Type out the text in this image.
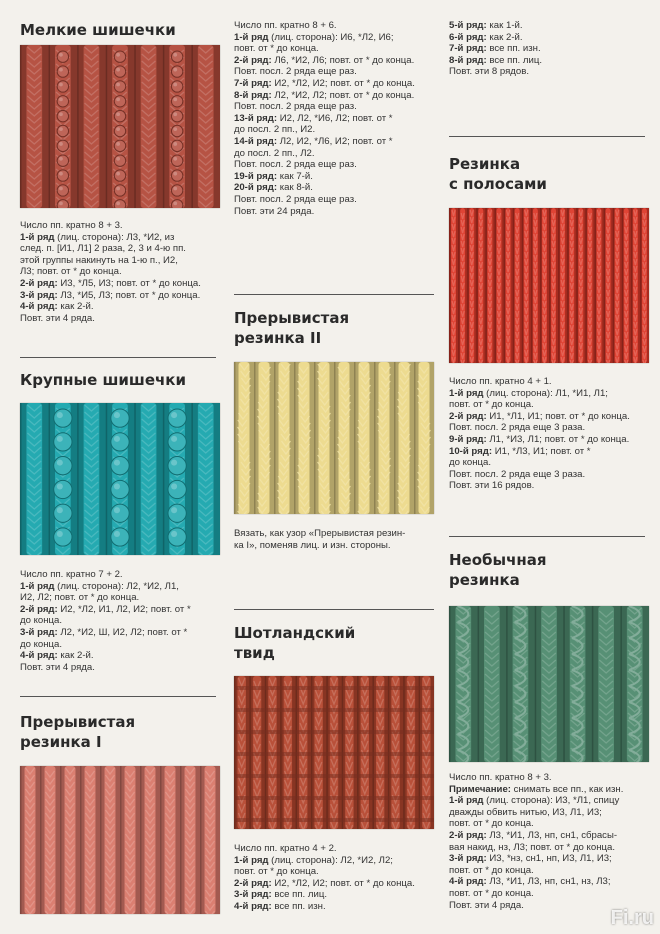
Мелкие шишечки

Число пп. кратно 8 + 3.

1-й ряд (лиц. сторона): Л3, *И2, из

след. п. [И1, Л1] 2 раза, 2, 3 и 4-ю пп.

этой группы накинуть на 1-ю п., И2,

Л3; повт. от * до конца.

2-й ряд: И3, *Л5, И3; повт. от * до конца.

3-й ряд: Л3, *И5, Л3; повт. от * до конца.

4-й ряд: как 2-й.

Повт. эти 4 ряда.

Крупные шишечки

Число пп. кратно 7 + 2.

1-й ряд (лиц. сторона): Л2, *И2, Л1,

И2, Л2; повт. от * до конца.

2-й ряд: И2, *Л2, И1, Л2, И2; повт. от *

до конца.

3-й ряд: Л2, *И2, Ш, И2, Л2; повт. от *

до конца.

4-й ряд: как 2-й.

Повт. эти 4 ряда.

Прерывистая
резинка I

Число пп. кратно 8 + 6.

1-й ряд (лиц. сторона): И6, *Л2, И6;

повт. от * до конца.

2-й ряд: Л6, *И2, Л6; повт. от * до конца.

Повт. посл. 2 ряда еще раз.

7-й ряд: И2, *Л2, И2; повт. от * до конца.

8-й ряд: Л2, *И2, Л2; повт. от * до конца.

Повт. посл. 2 ряда еще раз.

13-й ряд: И2, Л2, *И6, Л2; повт. от *

до посл. 2 пп., И2.

14-й ряд: Л2, И2, *Л6, И2; повт. от *

до посл. 2 пп., Л2.

Повт. посл. 2 ряда еще раз.

19-й ряд: как 7-й.

20-й ряд: как 8-й.

Повт. посл. 2 ряда еще раз.

Повт. эти 24 ряда.

Прерывистая
резинка II

Вязать, как узор «Прерывистая резин-

ка I», поменяв лиц. и изн. стороны.

Шотландский
твид

Число пп. кратно 4 + 2.

1-й ряд (лиц. сторона): Л2, *И2, Л2;

повт. от * до конца.

2-й ряд: И2, *Л2, И2; повт. от * до конца.

3-й ряд: все пп. лиц.

4-й ряд: все пп. изн.

5-й ряд: как 1-й.

6-й ряд: как 2-й.

7-й ряд: все пп. изн.

8-й ряд: все пп. лиц.

Повт. эти 8 рядов.

Резинка
с полосами

Число пп. кратно 4 + 1.

1-й ряд (лиц. сторона): Л1, *И1, Л1;

повт. от * до конца.

2-й ряд: И1, *Л1, И1; повт. от * до конца.

Повт. посл. 2 ряда еще 3 раза.

9-й ряд: Л1, *И3, Л1; повт. от * до конца.

10-й ряд: И1, *Л3, И1; повт. от *

до конца.

Повт. посл. 2 ряда еще 3 раза.

Повт. эти 16 рядов.

Необычная
резинка

Число пп. кратно 8 + 3.

Примечание: снимать все пп., как изн.

1-й ряд (лиц. сторона): И3, *Л1, спицу

дважды обвить нитью, И3, Л1, И3;

повт. от * до конца.

2-й ряд: Л3, *И1, Л3, нп, сн1, сбрасы-

вая накид, нз, Л3; повт. от * до конца.

3-й ряд: И3, *нз, сн1, нп, И3, Л1, И3;

повт. от * до конца.

4-й ряд: Л3, *И1, Л3, нп, сн1, нз, Л3;

повт. от * до конца.

Повт. эти 4 ряда.

Fi.ru
